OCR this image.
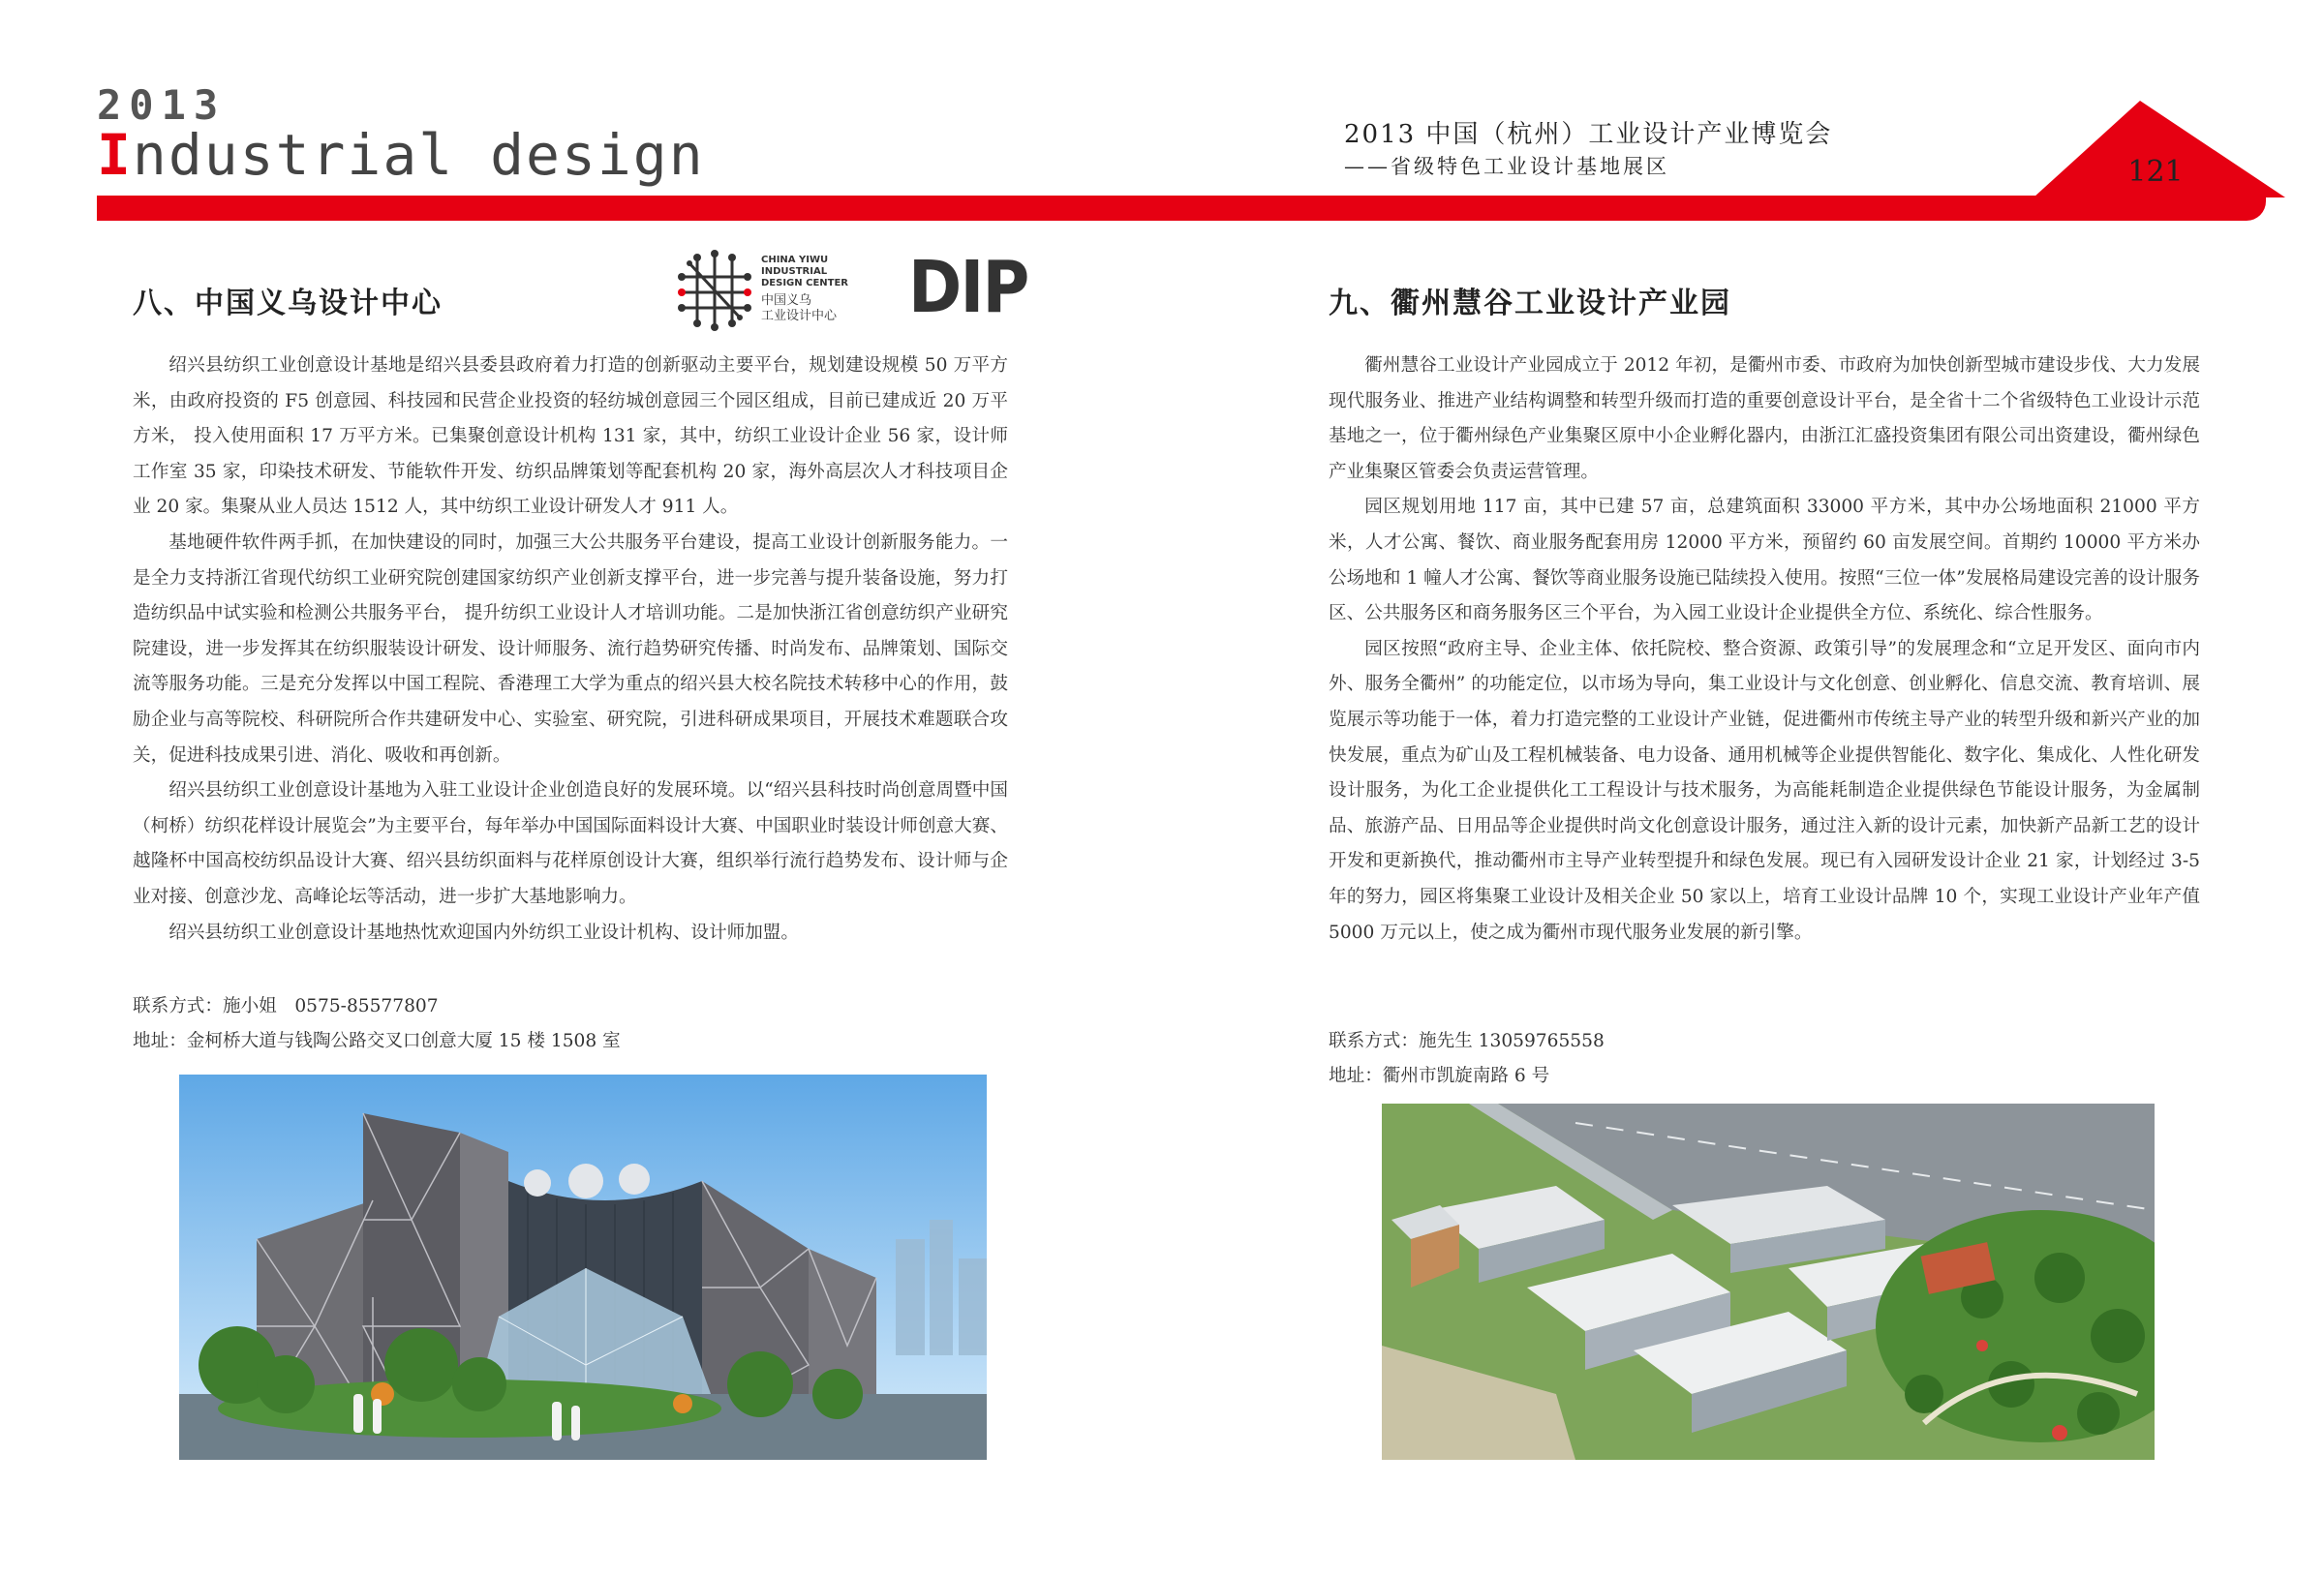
2013
Industrial design	2013 中国（杭州）工业设计产业博览会
——省级特色工业设计基地展区	121
八、中国义乌设计中心
CHINA YIWU
INDUSTRIAL
DESIGN CENTER
中国义乌
工业设计中心 DIP

绍兴县纺织工业创意设计基地是绍兴县委县政府着力打造的创新驱动主要平台，规划建设规模 50 万平方米，由政府投资的 F5 创意园、科技园和民营企业投资的轻纺城创意园三个园区组成，目前已建成近 20 万平方米， 投入使用面积 17 万平方米。已集聚创意设计机构 131 家，其中，纺织工业设计企业 56 家，设计师工作室 35 家，印染技术研发、节能软件开发、纺织品牌策划等配套机构 20 家，海外高层次人才科技项目企业 20 家。集聚从业人员达 1512 人，其中纺织工业设计研发人才 911 人。

基地硬件软件两手抓，在加快建设的同时，加强三大公共服务平台建设，提高工业设计创新服务能力。一是全力支持浙江省现代纺织工业研究院创建国家纺织产业创新支撑平台，进一步完善与提升装备设施，努力打造纺织品中试实验和检测公共服务平台， 提升纺织工业设计人才培训功能。二是加快浙江省创意纺织产业研究院建设，进一步发挥其在纺织服装设计研发、设计师服务、流行趋势研究传播、时尚发布、品牌策划、国际交流等服务功能。三是充分发挥以中国工程院、香港理工大学为重点的绍兴县大校名院技术转移中心的作用，鼓励企业与高等院校、科研院所合作共建研发中心、实验室、研究院，引进科研成果项目，开展技术难题联合攻关，促进科技成果引进、消化、吸收和再创新。

绍兴县纺织工业创意设计基地为入驻工业设计企业创造良好的发展环境。以“绍兴县科技时尚创意周暨中国（柯桥）纺织花样设计展览会”为主要平台，每年举办中国国际面料设计大赛、中国职业时装设计师创意大赛、越隆杯中国高校纺织品设计大赛、绍兴县纺织面料与花样原创设计大赛，组织举行流行趋势发布、设计师与企业对接、创意沙龙、高峰论坛等活动，进一步扩大基地影响力。

绍兴县纺织工业创意设计基地热忱欢迎国内外纺织工业设计机构、设计师加盟。

联系方式：施小姐　0575-85577807
地址：金柯桥大道与钱陶公路交叉口创意大厦 15 楼 1508 室
九、衢州慧谷工业设计产业园

衢州慧谷工业设计产业园成立于 2012 年初，是衢州市委、市政府为加快创新型城市建设步伐、大力发展现代服务业、推进产业结构调整和转型升级而打造的重要创意设计平台，是全省十二个省级特色工业设计示范基地之一，位于衢州绿色产业集聚区原中小企业孵化器内，由浙江汇盛投资集团有限公司出资建设，衢州绿色产业集聚区管委会负责运营管理。

园区规划用地 117 亩，其中已建 57 亩，总建筑面积 33000 平方米，其中办公场地面积 21000 平方米，人才公寓、餐饮、商业服务配套用房 12000 平方米，预留约 60 亩发展空间。首期约 10000 平方米办公场地和 1 幢人才公寓、餐饮等商业服务设施已陆续投入使用。按照“三位一体”发展格局建设完善的设计服务区、公共服务区和商务服务区三个平台，为入园工业设计企业提供全方位、系统化、综合性服务。

园区按照“政府主导、企业主体、依托院校、整合资源、政策引导”的发展理念和“立足开发区、面向市内外、服务全衢州” 的功能定位，以市场为导向，集工业设计与文化创意、创业孵化、信息交流、教育培训、展览展示等功能于一体，着力打造完整的工业设计产业链，促进衢州市传统主导产业的转型升级和新兴产业的加快发展，重点为矿山及工程机械装备、电力设备、通用机械等企业提供智能化、数字化、集成化、人性化研发设计服务，为化工企业提供化工工程设计与技术服务，为高能耗制造企业提供绿色节能设计服务，为金属制品、旅游产品、日用品等企业提供时尚文化创意设计服务，通过注入新的设计元素，加快新产品新工艺的设计开发和更新换代，推动衢州市主导产业转型提升和绿色发展。现已有入园研发设计企业 21 家，计划经过 3-5 年的努力，园区将集聚工业设计及相关企业 50 家以上，培育工业设计品牌 10 个，实现工业设计产业年产值 5000 万元以上，使之成为衢州市现代服务业发展的新引擎。

联系方式：施先生 13059765558
地址：衢州市凯旋南路 6 号
